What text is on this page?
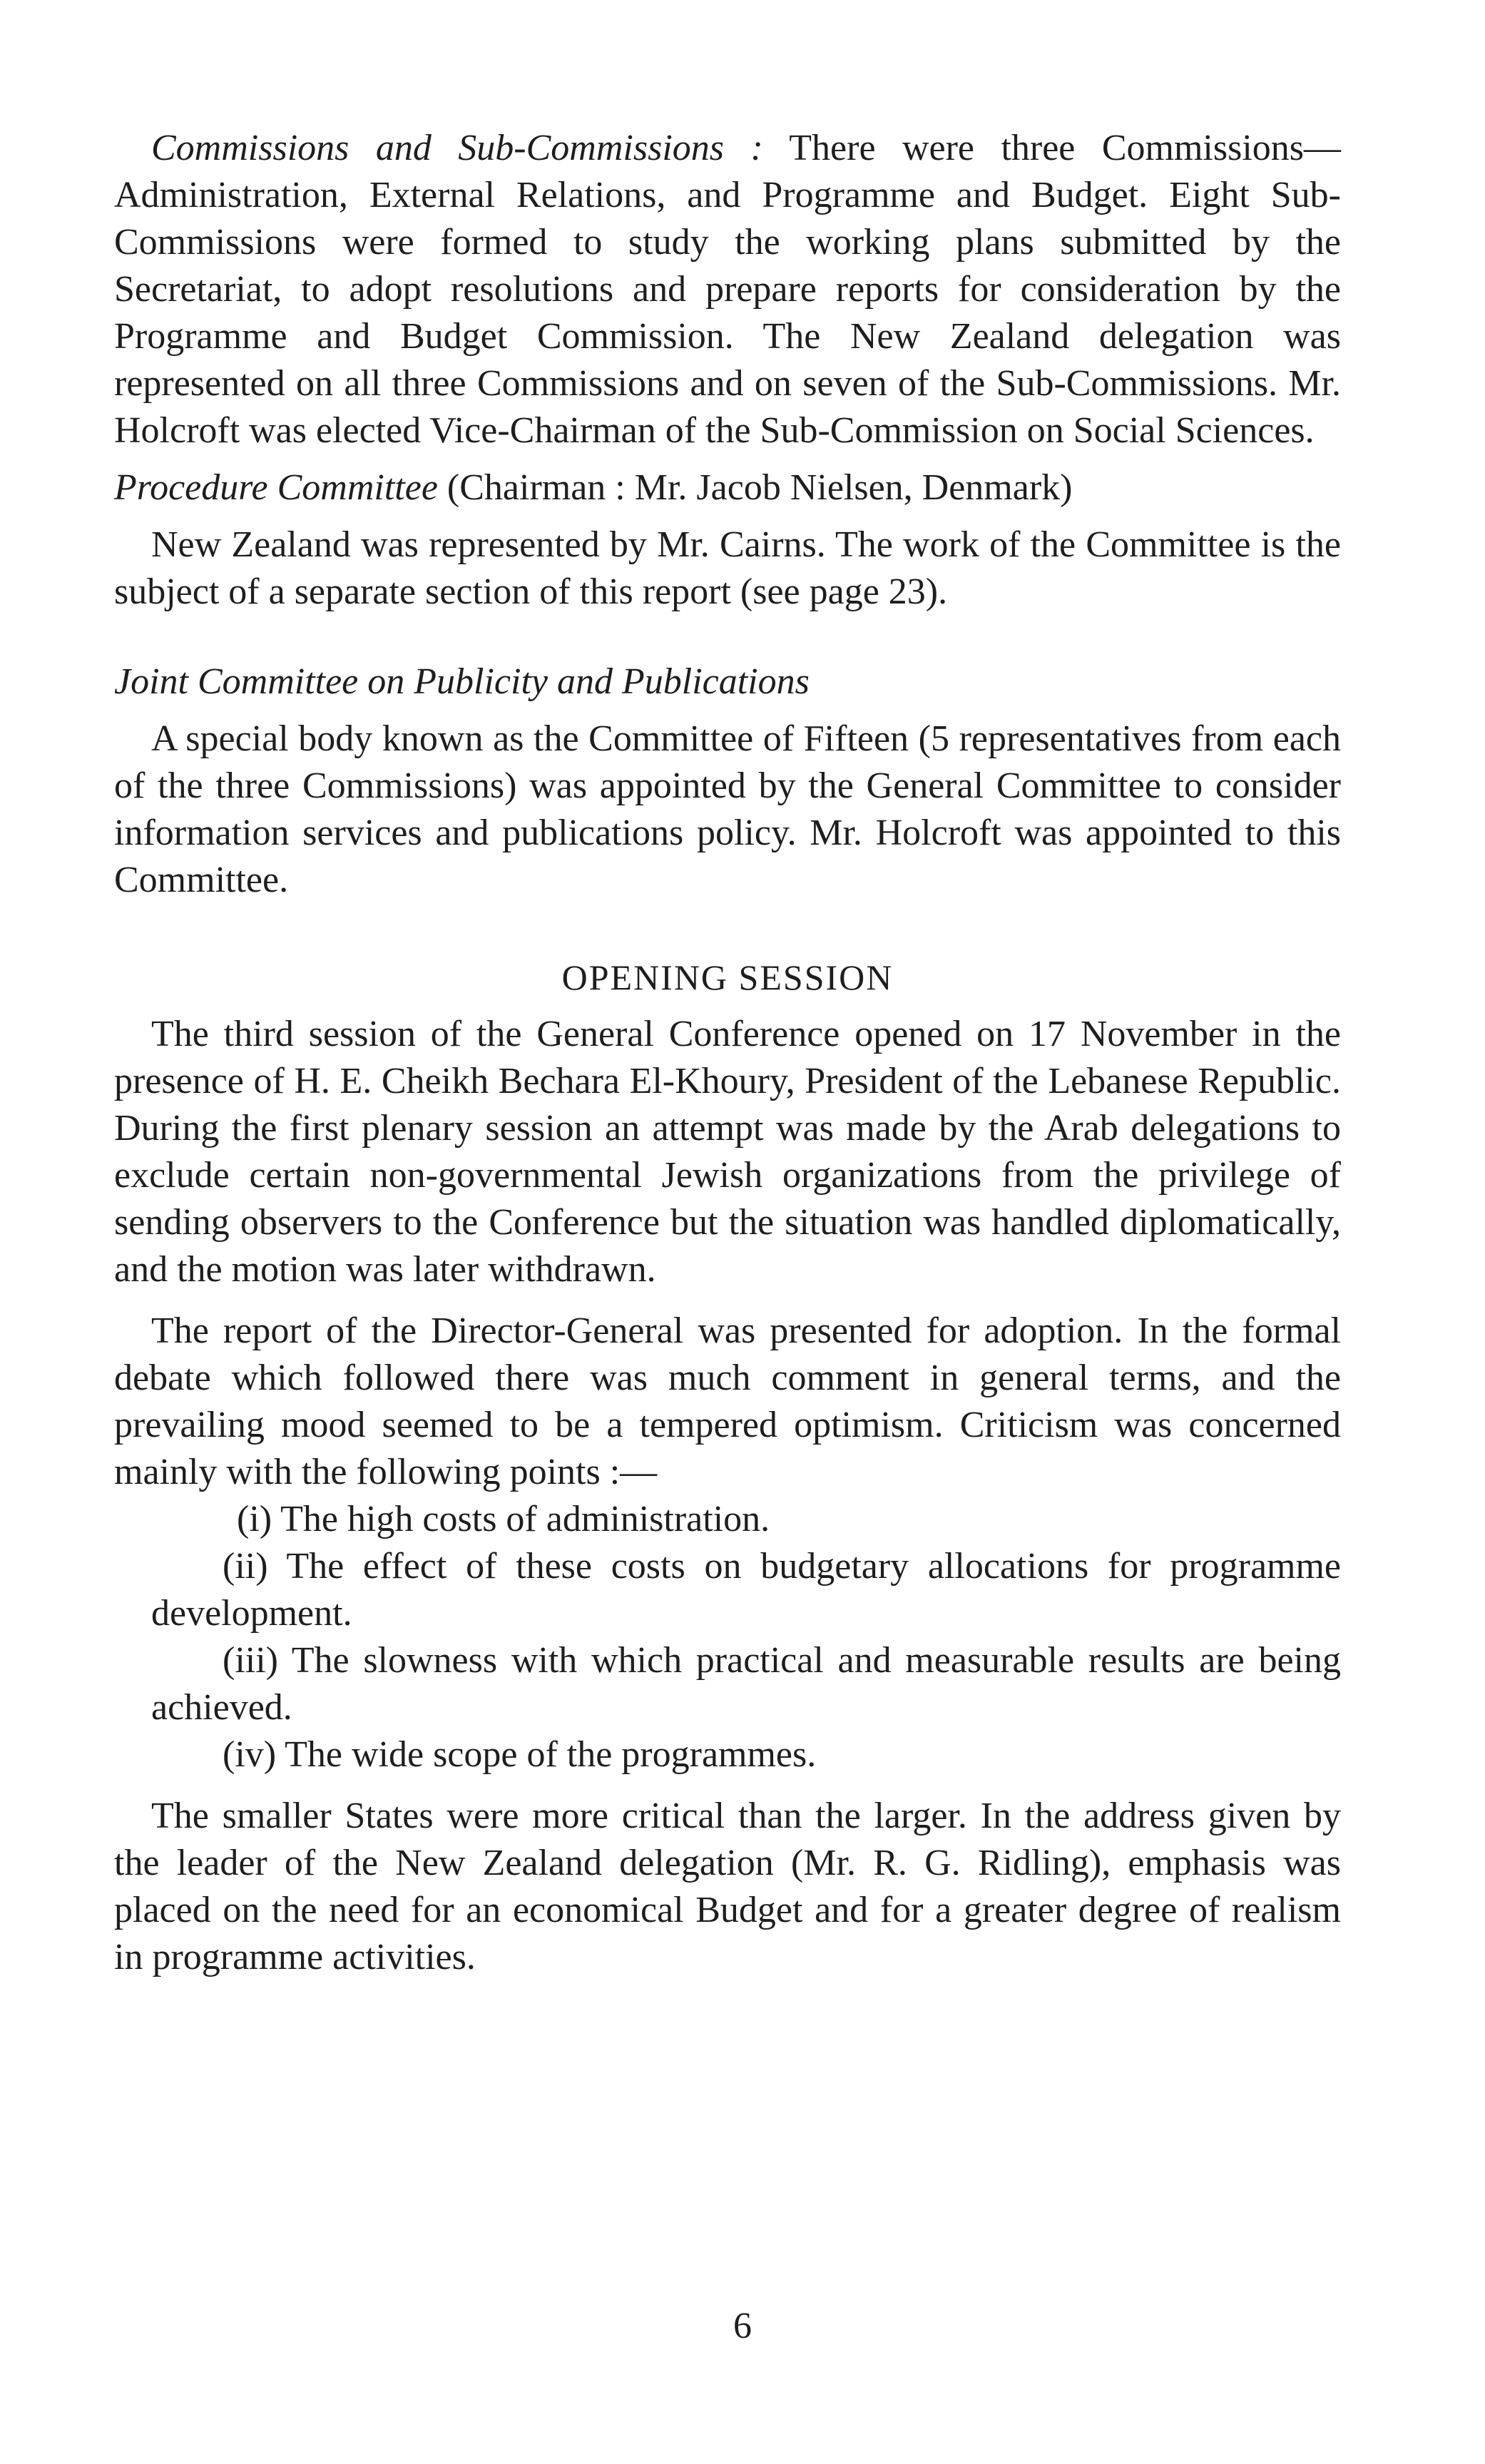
Commissions and Sub-Commissions : There were three Commissions—Administration, External Relations, and Programme and Budget. Eight Sub-Commissions were formed to study the working plans submitted by the Secretariat, to adopt resolutions and prepare reports for consideration by the Programme and Budget Commission. The New Zealand delegation was represented on all three Commissions and on seven of the Sub-Commissions. Mr. Holcroft was elected Vice-Chairman of the Sub-Commission on Social Sciences.

Procedure Committee (Chairman : Mr. Jacob Nielsen, Denmark)

New Zealand was represented by Mr. Cairns. The work of the Committee is the subject of a separate section of this report (see page 23).

Joint Committee on Publicity and Publications

A special body known as the Committee of Fifteen (5 representatives from each of the three Commissions) was appointed by the General Committee to consider information services and publications policy. Mr. Holcroft was appointed to this Committee.

OPENING SESSION

The third session of the General Conference opened on 17 November in the presence of H. E. Cheikh Bechara El-Khoury, President of the Lebanese Republic. During the first plenary session an attempt was made by the Arab delegations to exclude certain non-governmental Jewish organizations from the privilege of sending observers to the Conference but the situation was handled diplomatically, and the motion was later withdrawn.

The report of the Director-General was presented for adoption. In the formal debate which followed there was much comment in general terms, and the prevailing mood seemed to be a tempered optimism. Criticism was concerned mainly with the following points :—

(i) The high costs of administration.

(ii) The effect of these costs on budgetary allocations for programme development.

(iii) The slowness with which practical and measurable results are being achieved.

(iv) The wide scope of the programmes.

The smaller States were more critical than the larger. In the address given by the leader of the New Zealand delegation (Mr. R. G. Ridling), emphasis was placed on the need for an economical Budget and for a greater degree of realism in programme activities.

6
